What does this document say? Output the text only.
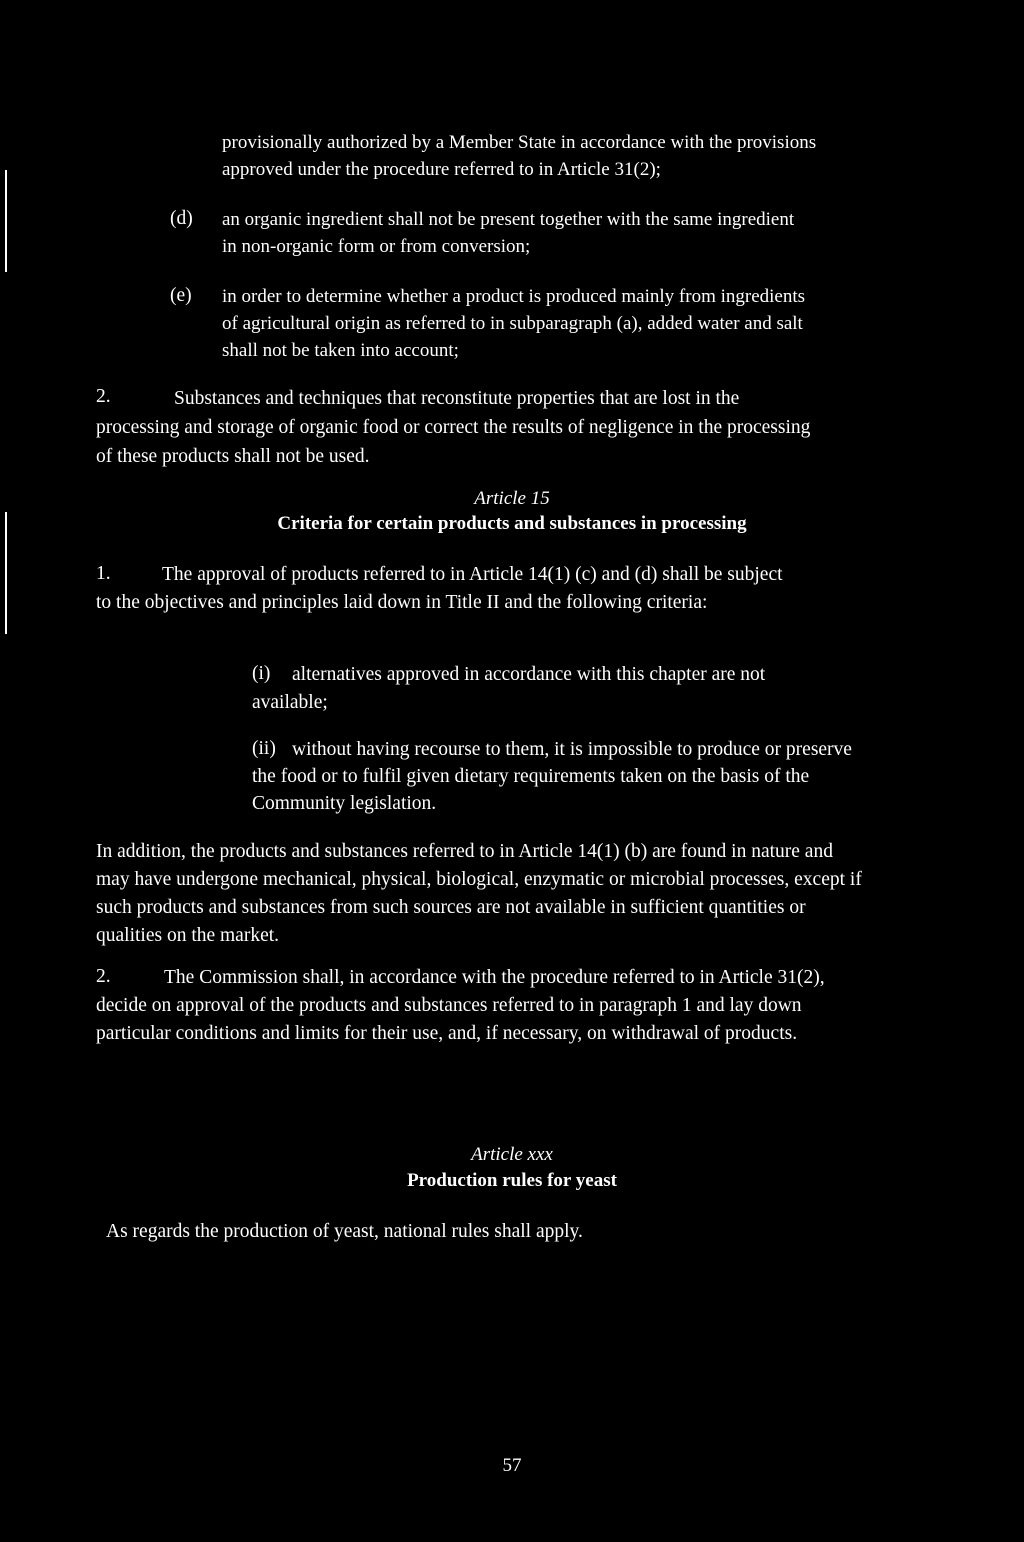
provisionally authorized by a Member State in accordance with the provisions approved under the procedure referred to in Article 31(2);
(d) an organic ingredient shall not be present together with the same ingredient in non-organic form or from conversion;
(e) in order to determine whether a product is produced mainly from ingredients of agricultural origin as referred to in subparagraph (a), added water and salt shall not be taken into account;
2.	Substances and techniques that reconstitute properties that are lost in the processing and storage of organic food or correct the results of negligence in the processing of these products shall not be used.
Article 15
Criteria for certain products and substances in processing
1.	The approval of products referred to in Article 14(1) (c) and (d) shall be subject to the objectives and principles laid down in Title II and the following criteria:
(i)	alternatives approved in accordance with this chapter are not available;
(ii) without having recourse to them, it is impossible to produce or preserve the food or to fulfil given dietary requirements taken on the basis of the Community legislation.
In addition, the products and substances referred to in Article 14(1) (b) are found in nature and may have undergone mechanical, physical, biological, enzymatic or microbial processes, except if such products and substances from such sources are not available in sufficient quantities or qualities on the market.
2.	The Commission shall, in accordance with the procedure referred to in Article 31(2), decide on approval of the products and substances referred to in paragraph 1 and lay down particular conditions and limits for their use, and, if necessary, on withdrawal of products.
Article xxx
Production rules for yeast
As regards the production of yeast, national rules shall apply.
57
